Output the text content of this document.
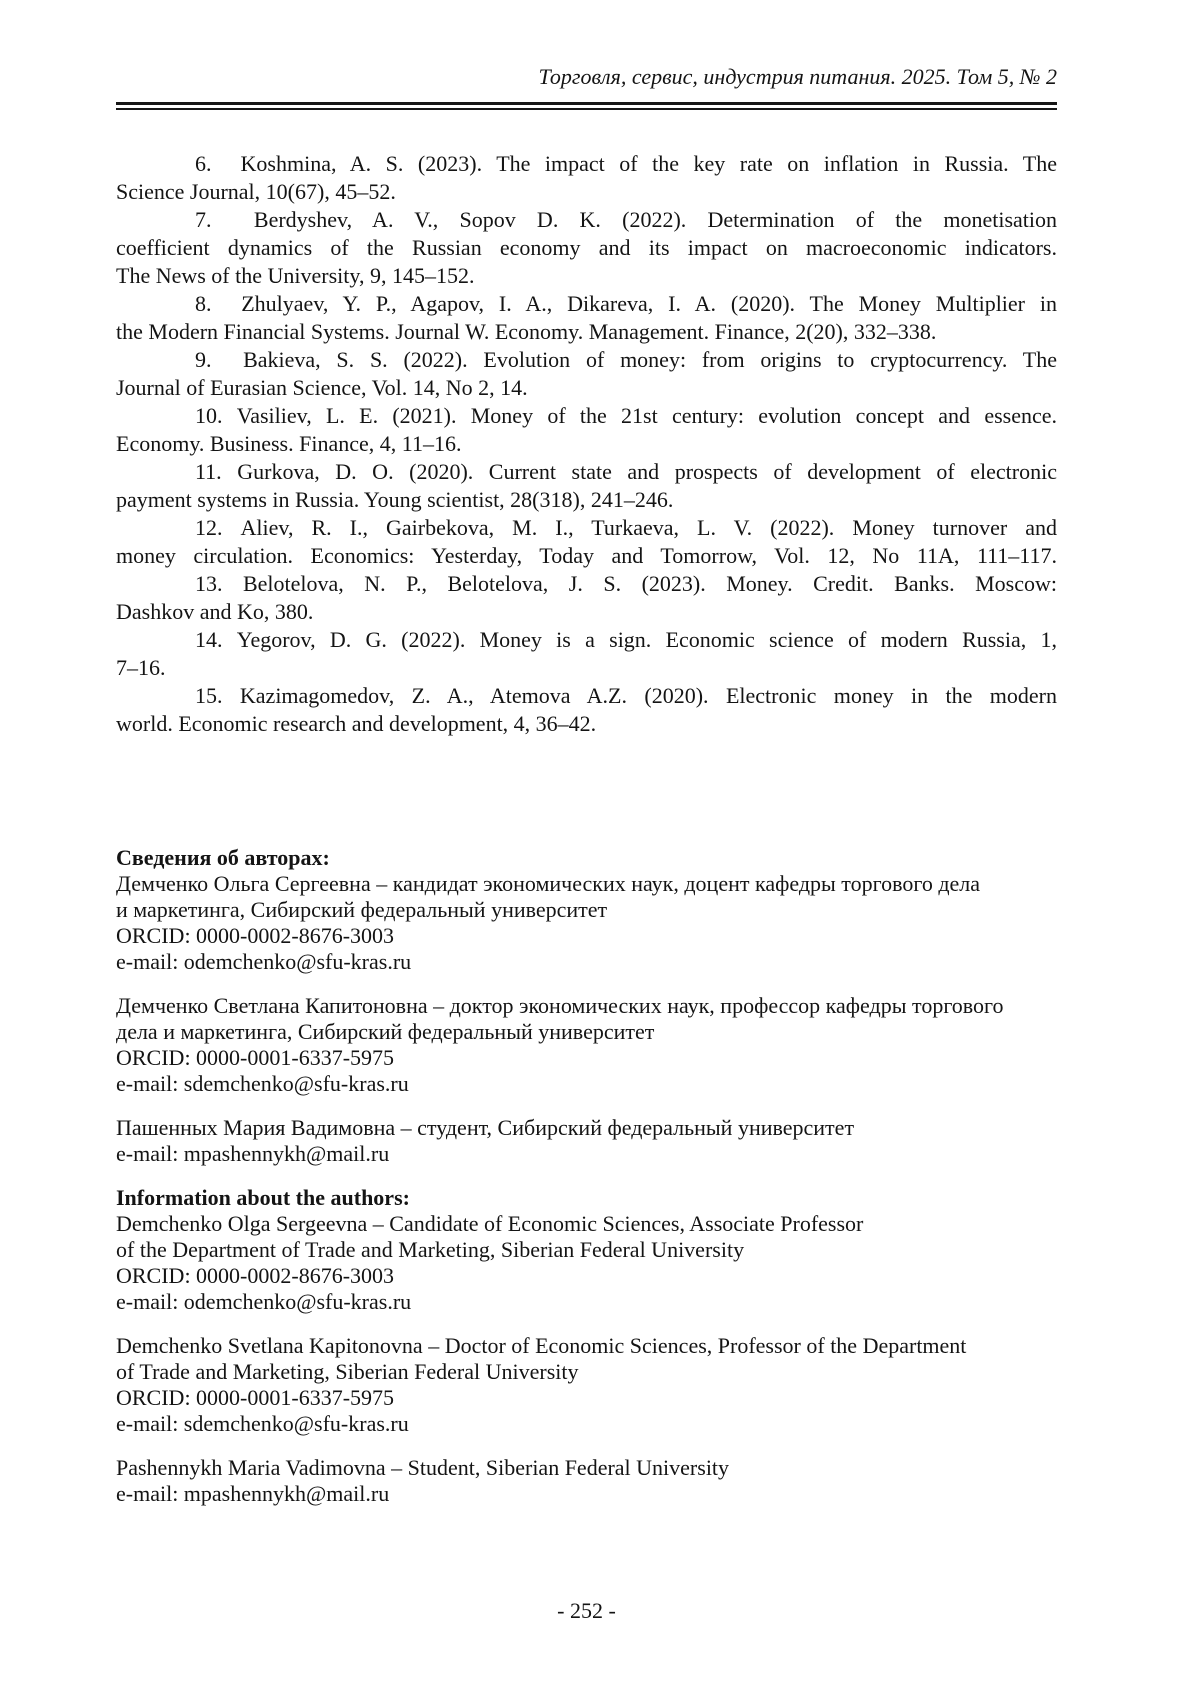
Торговля, сервис, индустрия питания. 2025. Том 5, № 2
6.  Koshmina, A. S. (2023). The impact of the key rate on inflation in Russia. The
Science Journal, 10(67), 45–52.
7.  Berdyshev, A. V., Sopov D. K. (2022). Determination of the monetisation
coefficient dynamics of the Russian economy and its impact on macroeconomic indicators.
The News of the University, 9, 145–152.
8.  Zhulyaev, Y. P., Agapov, I. A., Dikareva, I. A. (2020). The Money Multiplier in
the Modern Financial Systems. Journal W. Economy. Management. Finance, 2(20), 332–338.
9.  Bakieva, S. S. (2022). Evolution of money: from origins to cryptocurrency. The
Journal of Eurasian Science, Vol. 14, No 2, 14.
10. Vasiliev, L. E. (2021). Money of the 21st century: evolution concept and essence.
Economy. Business. Finance, 4, 11–16.
11. Gurkova, D. O. (2020). Current state and prospects of development of electronic
payment systems in Russia. Young scientist, 28(318), 241–246.
12. Aliev, R. I., Gairbekova, M. I., Turkaeva, L. V. (2022). Money turnover and
money circulation. Economics: Yesterday, Today and Tomorrow, Vol. 12, No 11A, 111–117.
13. Belotelova, N. P., Belotelova, J. S. (2023). Money. Credit. Banks. Moscow:
Dashkov and Ko, 380.
14. Yegorov, D. G. (2022). Money is a sign. Economic science of modern Russia, 1,
7–16.
15. Kazimagomedov, Z. A., Atemova A.Z. (2020). Electronic money in the modern
world. Economic research and development, 4, 36–42.
Сведения об авторах:
Демченко Ольга Сергеевна – кандидат экономических наук, доцент кафедры торгового дела
и маркетинга, Сибирский федеральный университет
ORCID: 0000-0002-8676-3003
e-mail: odemchenko@sfu-kras.ru
Демченко Светлана Капитоновна – доктор экономических наук, профессор кафедры торгового
дела и маркетинга, Сибирский федеральный университет
ORCID: 0000-0001-6337-5975
e-mail: sdemchenko@sfu-kras.ru
Пашенных Мария Вадимовна – студент, Сибирский федеральный университет
e-mail: mpashennykh@mail.ru
Information about the authors:
Demchenko Olga Sergeevna – Candidate of Economic Sciences, Associate Professor
of the Department of Trade and Marketing, Siberian Federal University
ORCID: 0000-0002-8676-3003
e-mail: odemchenko@sfu-kras.ru
Demchenko Svetlana Kapitonovna – Doctor of Economic Sciences, Professor of the Department
of Trade and Marketing, Siberian Federal University
ORCID: 0000-0001-6337-5975
e-mail: sdemchenko@sfu-kras.ru
Pashennykh Maria Vadimovna – Student, Siberian Federal University
e-mail: mpashennykh@mail.ru
- 252 -
